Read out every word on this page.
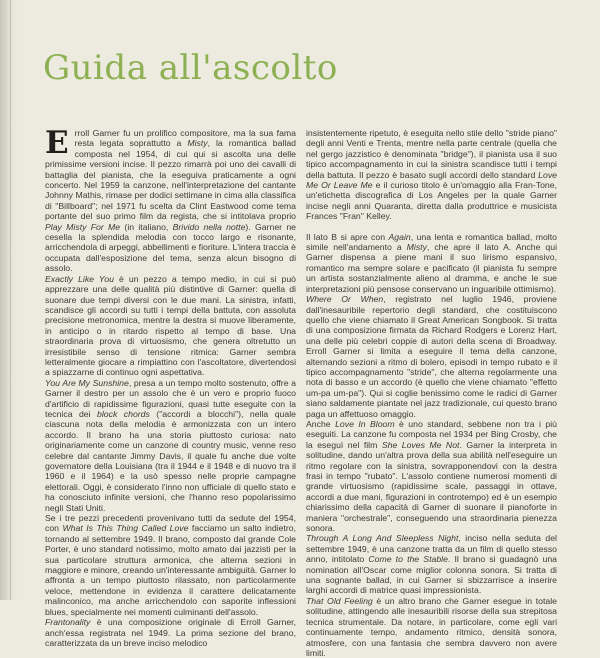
Guida all'ascolto

Erroll Garner fu un prolifico compositore, ma la sua fama resta legata soprattutto a Misty, la romantica ballad composta nel 1954, di cui qui si ascolta una delle primissime versioni incise. Il pezzo rimarrà poi uno dei cavalli di battaglia del pianista, che la eseguiva praticamente a ogni concerto. Nel 1959 la canzone, nell'interpretazione del cantante Johnny Mathis, rimase per dodici settimane in cima alla classifica di "Billboard"; nel 1971 fu scelta da Clint Eastwood come tema portante del suo primo film da regista, che si intitolava proprio Play Misty For Me (in italiano, Brivido nella notte). Garner ne cesella la splendida melodia con tocco largo e risonante, arricchendola di arpeggi, abbellimenti e fioriture. L'intera traccia è occupata dall'esposizione del tema, senza alcun bisogno di assolo.

Exactly Like You è un pezzo a tempo medio, in cui si può apprezzare una delle qualità più distintive di Garner: quella di suonare due tempi diversi con le due mani. La sinistra, infatti, scandisce gli accordi su tutti i tempi della battuta, con assoluta precisione metronomica, mentre la destra si muove liberamente, in anticipo o in ritardo rispetto al tempo di base. Una straordinaria prova di virtuosismo, che genera oltretutto un irresistibile senso di tensione ritmica: Garner sembra letteralmente giocare a rimpiattino con l'ascoltatore, divertendosi a spiazzarne di continuo ogni aspettativa.

You Are My Sunshine, presa a un tempo molto sostenuto, offre a Garner il destro per un assolo che è un vero e proprio fuoco d'artificio di rapidissime figurazioni, quasi tutte eseguite con la tecnica dei block chords ("accordi a blocchi"), nella quale ciascuna nota della melodia è armonizzata con un intero accordo. Il brano ha una storia piuttosto curiosa: nato originariamente come un canzone di country music, venne reso celebre dal cantante Jimmy Davis, il quale fu anche due volte governatore della Louisiana (tra il 1944 e il 1948 e di nuovo tra il 1960 e il 1964) e la usò spesso nelle proprie campagne elettorali. Oggi, è considerato l'inno non ufficiale di quello stato e ha conosciuto infinite versioni, che l'hanno reso popolarissimo negli Stati Uniti.

Se i tre pezzi precedenti provenivano tutti da sedute del 1954, con What Is This Thing Called Love facciamo un salto indietro, tornando al settembre 1949. Il brano, composto dal grande Cole Porter, è uno standard notissimo, molto amato dai jazzisti per la sua particolare struttura armonica, che alterna sezioni in maggiore e minore, creando un'interessante ambiguità. Garner lo affronta a un tempo piuttosto rilassato, non particolarmente veloce, mettendone in evidenza il carattere delicatamente malinconico, ma anche arricchendolo con saporite inflessioni blues, specialmente nei momenti culminanti dell'assolo.

Frantonality è una composizione originale di Erroll Garner, anch'essa registrata nel 1949. La prima sezione del brano, caratterizzata da un breve inciso melodico

insistentemente ripetuto, è eseguita nello stile dello "stride piano" degli anni Venti e Trenta, mentre nella parte centrale (quella che nel gergo jazzistico è denominata "bridge"), il pianista usa il suo tipico accompagnamento in cui la sinistra scandisce tutti i tempi della battuta. Il pezzo è basato sugli accordi dello standard Love Me Or Leave Me e il curioso titolo è un'omaggio alla Fran-Tone, un'etichetta discografica di Los Angeles per la quale Garner incise negli anni Quaranta, diretta dalla produttrice e musicista Frances "Fran" Kelley.

Il lato B si apre con Again, una lenta e romantica ballad, molto simile nell'andamento a Misty, che apre il lato A. Anche qui Garner dispensa a piene mani il suo lirismo espansivo, romantico ma sempre solare e pacificato (il pianista fu sempre un artista sostanzialmente alieno al dramma, e anche le sue interpretazioni più pensose conservano un inguaribile ottimismo).

Where Or When, registrato nel luglio 1946, proviene dall'inesauribile repertorio degli standard, che costituiscono quello che viene chiamato il Great American Songbook. Si tratta di una composizione firmata da Richard Rodgers e Lorenz Hart, una delle più celebri coppie di autori della scena di Broadway. Erroll Garner si limita a eseguire il tema della canzone, alternando sezioni a ritmo di bolero, episodi in tempo rubato e il tipico accompagnamento "stride", che alterna regolarmente una nota di basso e un accordo (è quello che viene chiamato "effetto um-pa um-pa"). Qui si coglie benissimo come le radici di Garner siano saldamente piantate nel jazz tradizionale, cui questo brano paga un affettuoso omaggio.

Anche Love In Bloom è uno standard, sebbene non tra i più eseguiti. La canzone fu composta nel 1934 per Bing Crosby, che la eseguì nel film She Loves Me Not. Garner la interpreta in solitudine, dando un'altra prova della sua abilità nell'eseguire un ritmo regolare con la sinistra, sovrapponendovi con la destra frasi in tempo "rubato". L'assolo contiene numerosi momenti di grande virtuosismo (rapidissime scale, passaggi in ottave, accordi a due mani, figurazioni in controtempo) ed è un esempio chiarissimo della capacità di Garner di suonare il pianoforte in maniera "orchestrale", conseguendo una straordinaria pienezza sonora.

Through A Long And Sleepless Night, inciso nella seduta del settembre 1949, è una canzone tratta da un film di quello stesso anno, intitolato Come to the Stable. Il brano si guadagnò una nomination all'Oscar come miglior colonna sonora. Si tratta di una sognante ballad, in cui Garner si sbizzarrisce a inserire larghi accordi di matrice quasi impressionista.

That Old Feeling è un altro brano che Garner esegue in totale solitudine, attingendo alle inesauribili risorse della sua strepitosa tecnica strumentale. Da notare, in particolare, come egli vari continuamente tempo, andamento ritmico, densità sonora, atmosfere, con una fantasia che sembra davvero non avere limiti.
